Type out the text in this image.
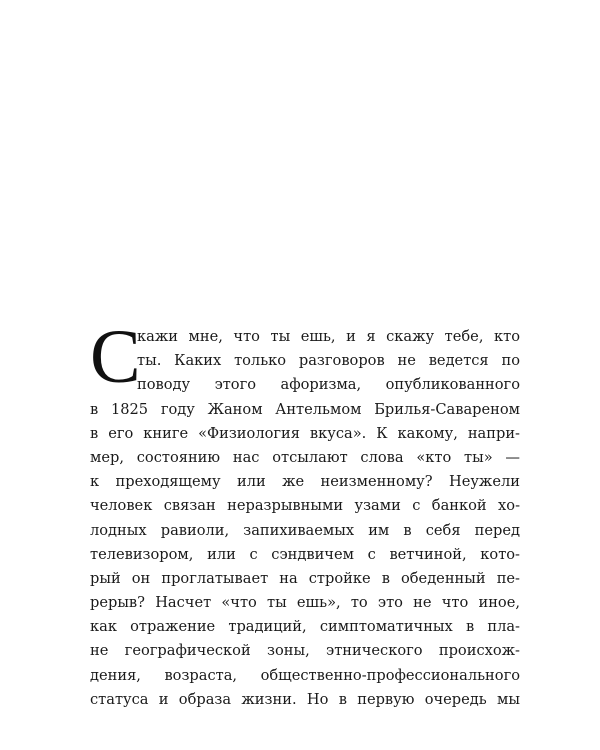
С
кажи мне, что ты ешь, и я скажу тебе, кто
ты. Каких только разговоров не ведется по
поводу этого афоризма, опубликованного
в 1825 году Жаном Антельмом Брилья-Савареном
в его книге «Физиология вкуса». К какому, напри-
мер, состоянию нас отсылают слова «кто ты» —
к преходящему или же неизменному? Неужели
человек связан неразрывными узами с банкой хо-
лодных равиоли, запихиваемых им в себя перед
телевизором, или с сэндвичем с ветчиной, кото-
рый он проглатывает на стройке в обеденный пе-
рерыв? Насчет «что ты ешь», то это не что иное,
как отражение традиций, симптоматичных в пла-
не географической зоны, этнического происхож-
дения, возраста, общественно-профессионального
статуса и образа жизни. Но в первую очередь мы
